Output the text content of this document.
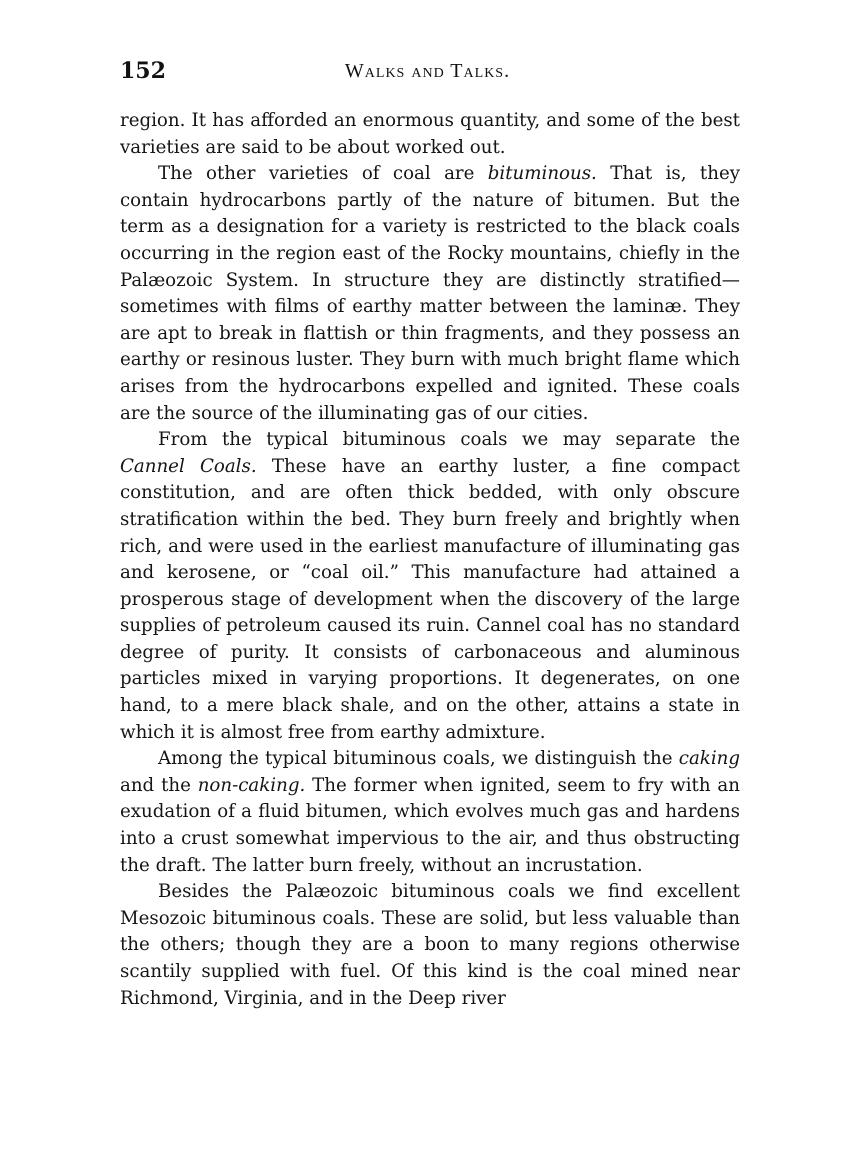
152	Walks and Talks.

region. It has afforded an enormous quantity, and some of the best varieties are said to be about worked out.

The other varieties of coal are bituminous. That is, they contain hydrocarbons partly of the nature of bitumen. But the term as a designation for a variety is restricted to the black coals occurring in the region east of the Rocky mountains, chiefly in the Palæozoic System. In structure they are distinctly stratified—sometimes with films of earthy matter between the laminæ. They are apt to break in flattish or thin fragments, and they possess an earthy or resinous luster. They burn with much bright flame which arises from the hydrocarbons expelled and ignited. These coals are the source of the illuminating gas of our cities.

From the typical bituminous coals we may separate the Cannel Coals. These have an earthy luster, a fine compact constitution, and are often thick bedded, with only obscure stratification within the bed. They burn freely and brightly when rich, and were used in the earliest manufacture of illuminating gas and kerosene, or “coal oil.” This manufacture had attained a prosperous stage of development when the discovery of the large supplies of petroleum caused its ruin. Cannel coal has no standard degree of purity. It consists of carbonaceous and aluminous particles mixed in varying proportions. It degenerates, on one hand, to a mere black shale, and on the other, attains a state in which it is almost free from earthy admixture.

Among the typical bituminous coals, we distinguish the caking and the non-caking. The former when ignited, seem to fry with an exudation of a fluid bitumen, which evolves much gas and hardens into a crust somewhat impervious to the air, and thus obstructing the draft. The latter burn freely, without an incrustation.

Besides the Palæozoic bituminous coals we find excellent Mesozoic bituminous coals. These are solid, but less valuable than the others; though they are a boon to many regions otherwise scantily supplied with fuel. Of this kind is the coal mined near Richmond, Virginia, and in the Deep river
